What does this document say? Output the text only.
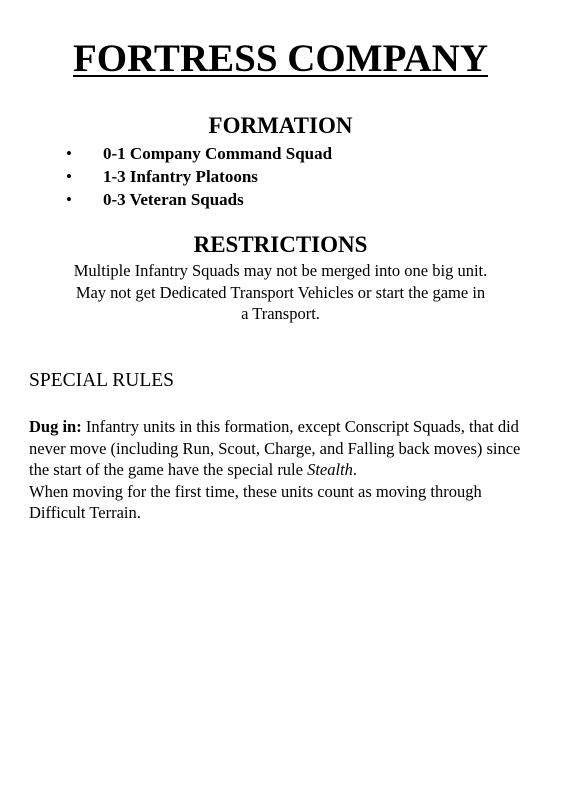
FORTRESS COMPANY
FORMATION
• 0-1 Company Command Squad
• 1-3 Infantry Platoons
• 0-3 Veteran Squads
RESTRICTIONS
Multiple Infantry Squads may not be merged into one big unit.
May not get Dedicated Transport Vehicles or start the game in
a Transport.
SPECIAL RULES

Dug in: Infantry units in this formation, except Conscript Squads, that did never move (including Run, Scout, Charge, and Falling back moves) since the start of the game have the special rule Stealth.

When moving for the first time, these units count as moving through Difficult Terrain.
